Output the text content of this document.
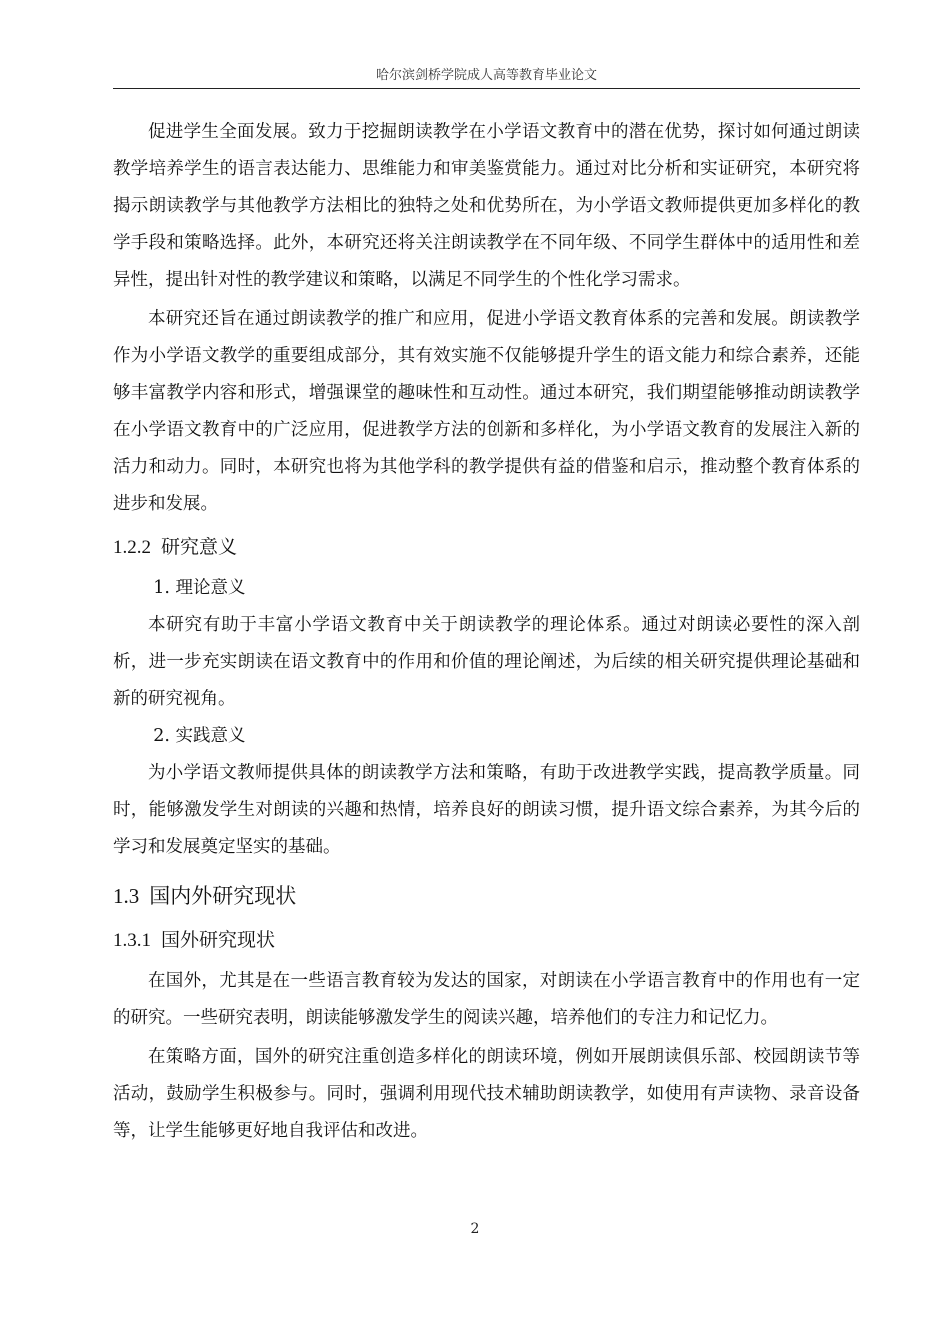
哈尔滨剑桥学院成人高等教育毕业论文

促进学生全面发展。致力于挖掘朗读教学在小学语文教育中的潜在优势，探讨如何通过朗读教学培养学生的语言表达能力、思维能力和审美鉴赏能力。通过对比分析和实证研究，本研究将揭示朗读教学与其他教学方法相比的独特之处和优势所在，为小学语文教师提供更加多样化的教学手段和策略选择。此外，本研究还将关注朗读教学在不同年级、不同学生群体中的适用性和差异性，提出针对性的教学建议和策略，以满足不同学生的个性化学习需求。

本研究还旨在通过朗读教学的推广和应用，促进小学语文教育体系的完善和发展。朗读教学作为小学语文教学的重要组成部分，其有效实施不仅能够提升学生的语文能力和综合素养，还能够丰富教学内容和形式，增强课堂的趣味性和互动性。通过本研究，我们期望能够推动朗读教学在小学语文教育中的广泛应用，促进教学方法的创新和多样化，为小学语文教育的发展注入新的活力和动力。同时，本研究也将为其他学科的教学提供有益的借鉴和启示，推动整个教育体系的进步和发展。

1.2.2 研究意义

1. 理论意义

本研究有助于丰富小学语文教育中关于朗读教学的理论体系。通过对朗读必要性的深入剖析，进一步充实朗读在语文教育中的作用和价值的理论阐述，为后续的相关研究提供理论基础和新的研究视角。

2. 实践意义

为小学语文教师提供具体的朗读教学方法和策略，有助于改进教学实践，提高教学质量。同时，能够激发学生对朗读的兴趣和热情，培养良好的朗读习惯，提升语文综合素养，为其今后的学习和发展奠定坚实的基础。

1.3 国内外研究现状
1.3.1 国外研究现状

在国外，尤其是在一些语言教育较为发达的国家，对朗读在小学语言教育中的作用也有一定的研究。一些研究表明，朗读能够激发学生的阅读兴趣，培养他们的专注力和记忆力。

在策略方面，国外的研究注重创造多样化的朗读环境，例如开展朗读俱乐部、校园朗读节等活动，鼓励学生积极参与。同时，强调利用现代技术辅助朗读教学，如使用有声读物、录音设备等，让学生能够更好地自我评估和改进。

2
